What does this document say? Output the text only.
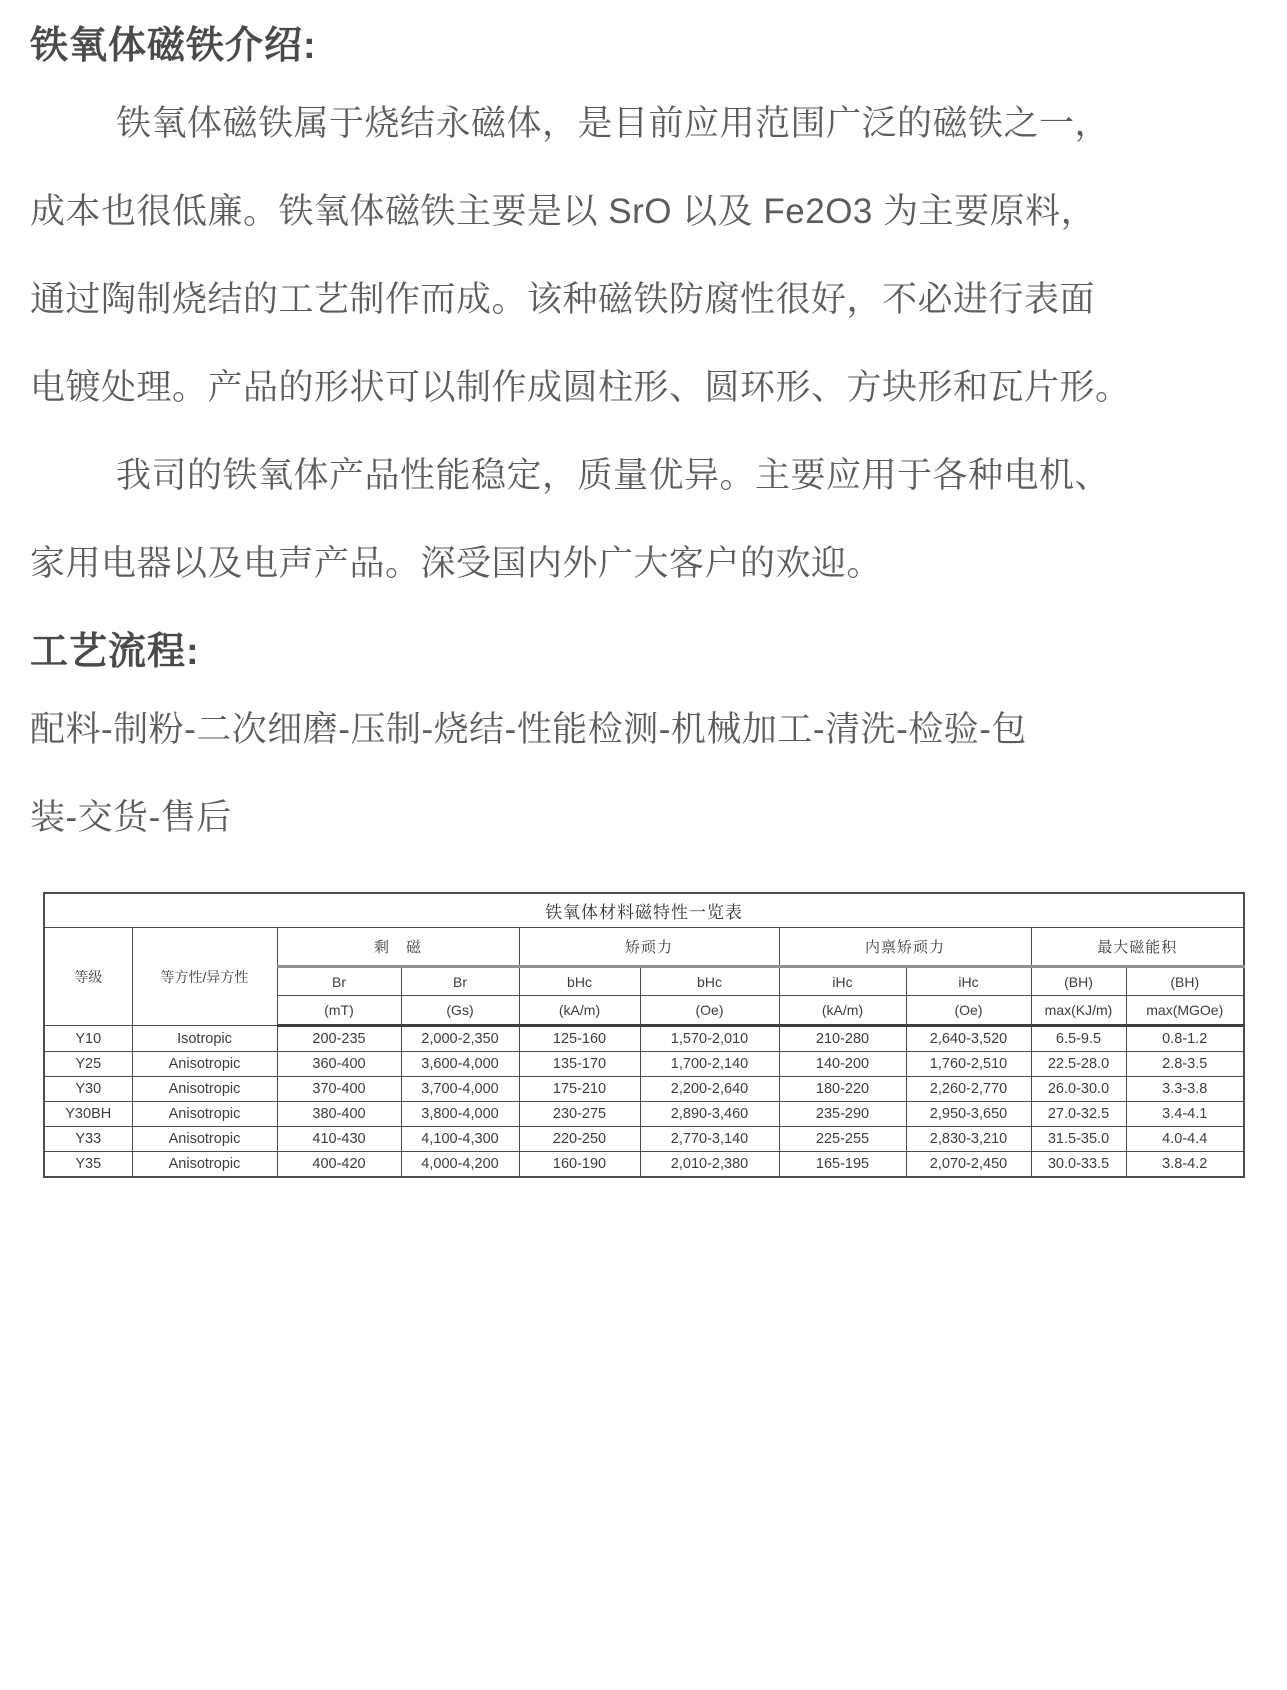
铁氧体磁铁介绍:
铁氧体磁铁属于烧结永磁体，是目前应用范围广泛的磁铁之一，
成本也很低廉。铁氧体磁铁主要是以 SrO 以及 Fe2O3 为主要原料，
通过陶制烧结的工艺制作而成。该种磁铁防腐性很好，不必进行表面
电镀处理。产品的形状可以制作成圆柱形、圆环形、方块形和瓦片形。
我司的铁氧体产品性能稳定，质量优异。主要应用于各种电机、
家用电器以及电声产品。深受国内外广大客户的欢迎。
工艺流程:
配料-制粉-二次细磨-压制-烧结-性能检测-机械加工-清洗-检验-包
装-交货-售后
铁氧体材料磁特性一览表									
等级	等方性/异方性	剩　磁		矫顽力		内禀矫顽力		最大磁能积	
		Br	Br	bHc	bHc	iHc	iHc	(BH)	(BH)
		(mT)	(Gs)	(kA/m)	(Oe)	(kA/m)	(Oe)	max(KJ/m)	max(MGOe)
Y10	Isotropic	200-235	2,000-2,350	125-160	1,570-2,010	210-280	2,640-3,520	6.5-9.5	0.8-1.2
Y25	Anisotropic	360-400	3,600-4,000	135-170	1,700-2,140	140-200	1,760-2,510	22.5-28.0	2.8-3.5
Y30	Anisotropic	370-400	3,700-4,000	175-210	2,200-2,640	180-220	2,260-2,770	26.0-30.0	3.3-3.8
Y30BH	Anisotropic	380-400	3,800-4,000	230-275	2,890-3,460	235-290	2,950-3,650	27.0-32.5	3.4-4.1
Y33	Anisotropic	410-430	4,100-4,300	220-250	2,770-3,140	225-255	2,830-3,210	31.5-35.0	4.0-4.4
Y35	Anisotropic	400-420	4,000-4,200	160-190	2,010-2,380	165-195	2,070-2,450	30.0-33.5	3.8-4.2
